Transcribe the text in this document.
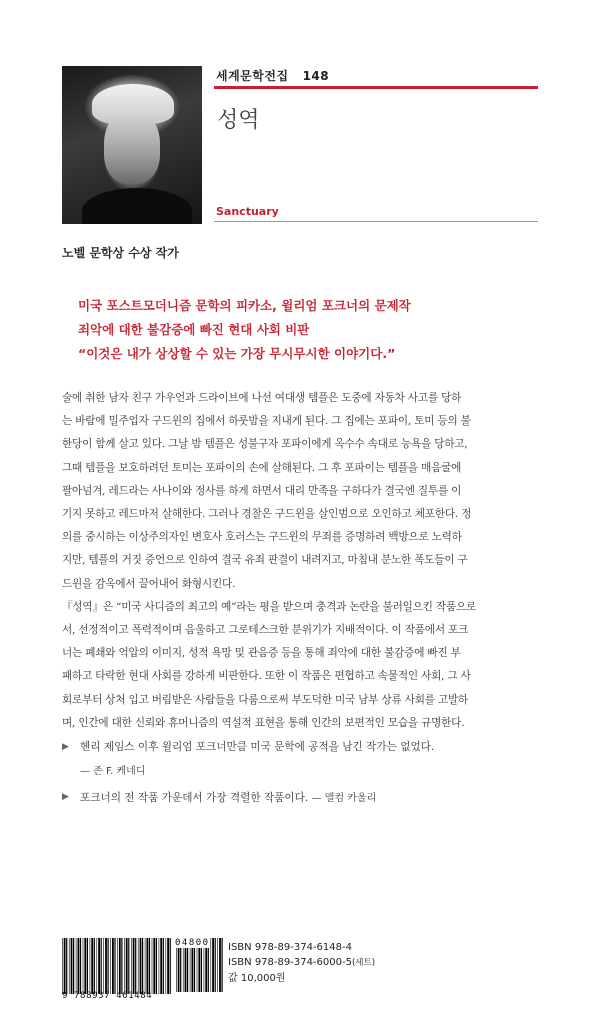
세계문학전집 148
성역
Sanctuary
노벨 문학상 수상 작가
미국 포스트모더니즘 문학의 피카소, 윌리엄 포크너의 문제작
죄악에 대한 불감증에 빠진 현대 사회 비판
“이것은 내가 상상할 수 있는 가장 무시무시한 이야기다.”

술에 취한 남자 친구 가우언과 드라이브에 나선 여대생 템플은 도중에 자동차 사고를 당하

는 바람에 밀주업자 구드윈의 집에서 하룻밤을 지내게 된다. 그 집에는 포파이, 토미 등의 불

한당이 함께 살고 있다. 그날 밤 템플은 성불구자 포파이에게 옥수수 속대로 능욕을 당하고,

그때 템플을 보호하려던 토미는 포파이의 손에 살해된다. 그 후 포파이는 템플을 매음굴에

팔아넘겨, 레드라는 사나이와 정사를 하게 하면서 대리 만족을 구하다가 결국엔 질투를 이

기지 못하고 레드마저 살해한다. 그러나 경찰은 구드윈을 살인범으로 오인하고 체포한다. 정

의를 중시하는 이상주의자인 변호사 호러스는 구드윈의 무죄를 증명하려 백방으로 노력하

지만, 템플의 거짓 증언으로 인하여 결국 유죄 판결이 내려지고, 마침내 분노한 폭도들이 구

드윈을 감옥에서 끌어내어 화형시킨다.

『성역』은 “미국 사디즘의 최고의 예”라는 평을 받으며 충격과 논란을 불러일으킨 작품으로

서, 선정적이고 폭력적이며 음울하고 그로테스크한 분위기가 지배적이다. 이 작품에서 포크

너는 폐쇄와 억압의 이미지, 성적 욕망 및 관음증 등을 통해 죄악에 대한 불감증에 빠진 부

패하고 타락한 현대 사회를 강하게 비판한다. 또한 이 작품은 편협하고 속물적인 사회, 그 사

회로부터 상처 입고 버림받은 사람들을 다룸으로써 부도덕한 미국 남부 상류 사회를 고발하

며, 인간에 대한 신뢰와 휴머니즘의 역설적 표현을 통해 인간의 보편적인 모습을 규명한다.

▶ 헨리 제임스 이후 윌리엄 포크너만큼 미국 문학에 공적을 남긴 작가는 없었다.
— 존 F. 케네디
▶ 포크너의 전 작품 가운데서 가장 격렬한 작품이다. — 맬컴 카울리
9 788937 461484
04800 ISBN 978-89-374-6148-4
ISBN 978-89-374-6000-5(세트)
값 10,000원
